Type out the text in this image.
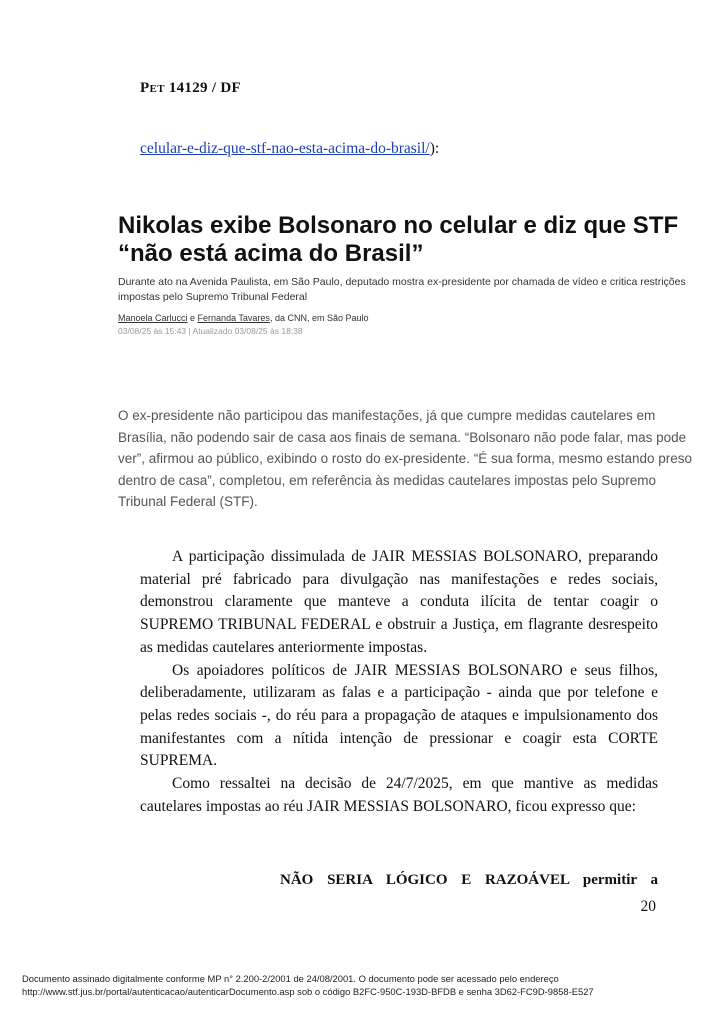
Pet 14129 / DF
celular-e-diz-que-stf-nao-esta-acima-do-brasil/):
Nikolas exibe Bolsonaro no celular e diz que STF “não está acima do Brasil”
Durante ato na Avenida Paulista, em São Paulo, deputado mostra ex-presidente por chamada de vídeo e critica restrições impostas pelo Supremo Tribunal Federal
Manoela Carlucci e Fernanda Tavares, da CNN, em São Paulo
03/08/25 às 15:43 | Atualizado 03/08/25 às 18:38
O ex-presidente não participou das manifestações, já que cumpre medidas cautelares em Brasília, não podendo sair de casa aos finais de semana. “Bolsonaro não pode falar, mas pode ver”, afirmou ao público, exibindo o rosto do ex-presidente. “É sua forma, mesmo estando preso dentro de casa”, completou, em referência às medidas cautelares impostas pelo Supremo Tribunal Federal (STF).

A participação dissimulada de JAIR MESSIAS BOLSONARO, preparando material pré fabricado para divulgação nas manifestações e redes sociais, demonstrou claramente que manteve a conduta ilícita de tentar coagir o SUPREMO TRIBUNAL FEDERAL e obstruir a Justiça, em flagrante desrespeito as medidas cautelares anteriormente impostas.

Os apoiadores políticos de JAIR MESSIAS BOLSONARO e seus filhos, deliberadamente, utilizaram as falas e a participação - ainda que por telefone e pelas redes sociais -, do réu para a propagação de ataques e impulsionamento dos manifestantes com a nítida intenção de pressionar e coagir esta CORTE SUPREMA.

Como ressaltei na decisão de 24/7/2025, em que mantive as medidas cautelares impostas ao réu JAIR MESSIAS BOLSONARO, ficou expresso que:

NÃO SERIA LÓGICO E RAZOÁVEL permitir a
20
Documento assinado digitalmente conforme MP n° 2.200-2/2001 de 24/08/2001. O documento pode ser acessado pelo endereço
http://www.stf.jus.br/portal/autenticacao/autenticarDocumento.asp sob o código B2FC-950C-193D-BFDB e senha 3D62-FC9D-9858-E527
